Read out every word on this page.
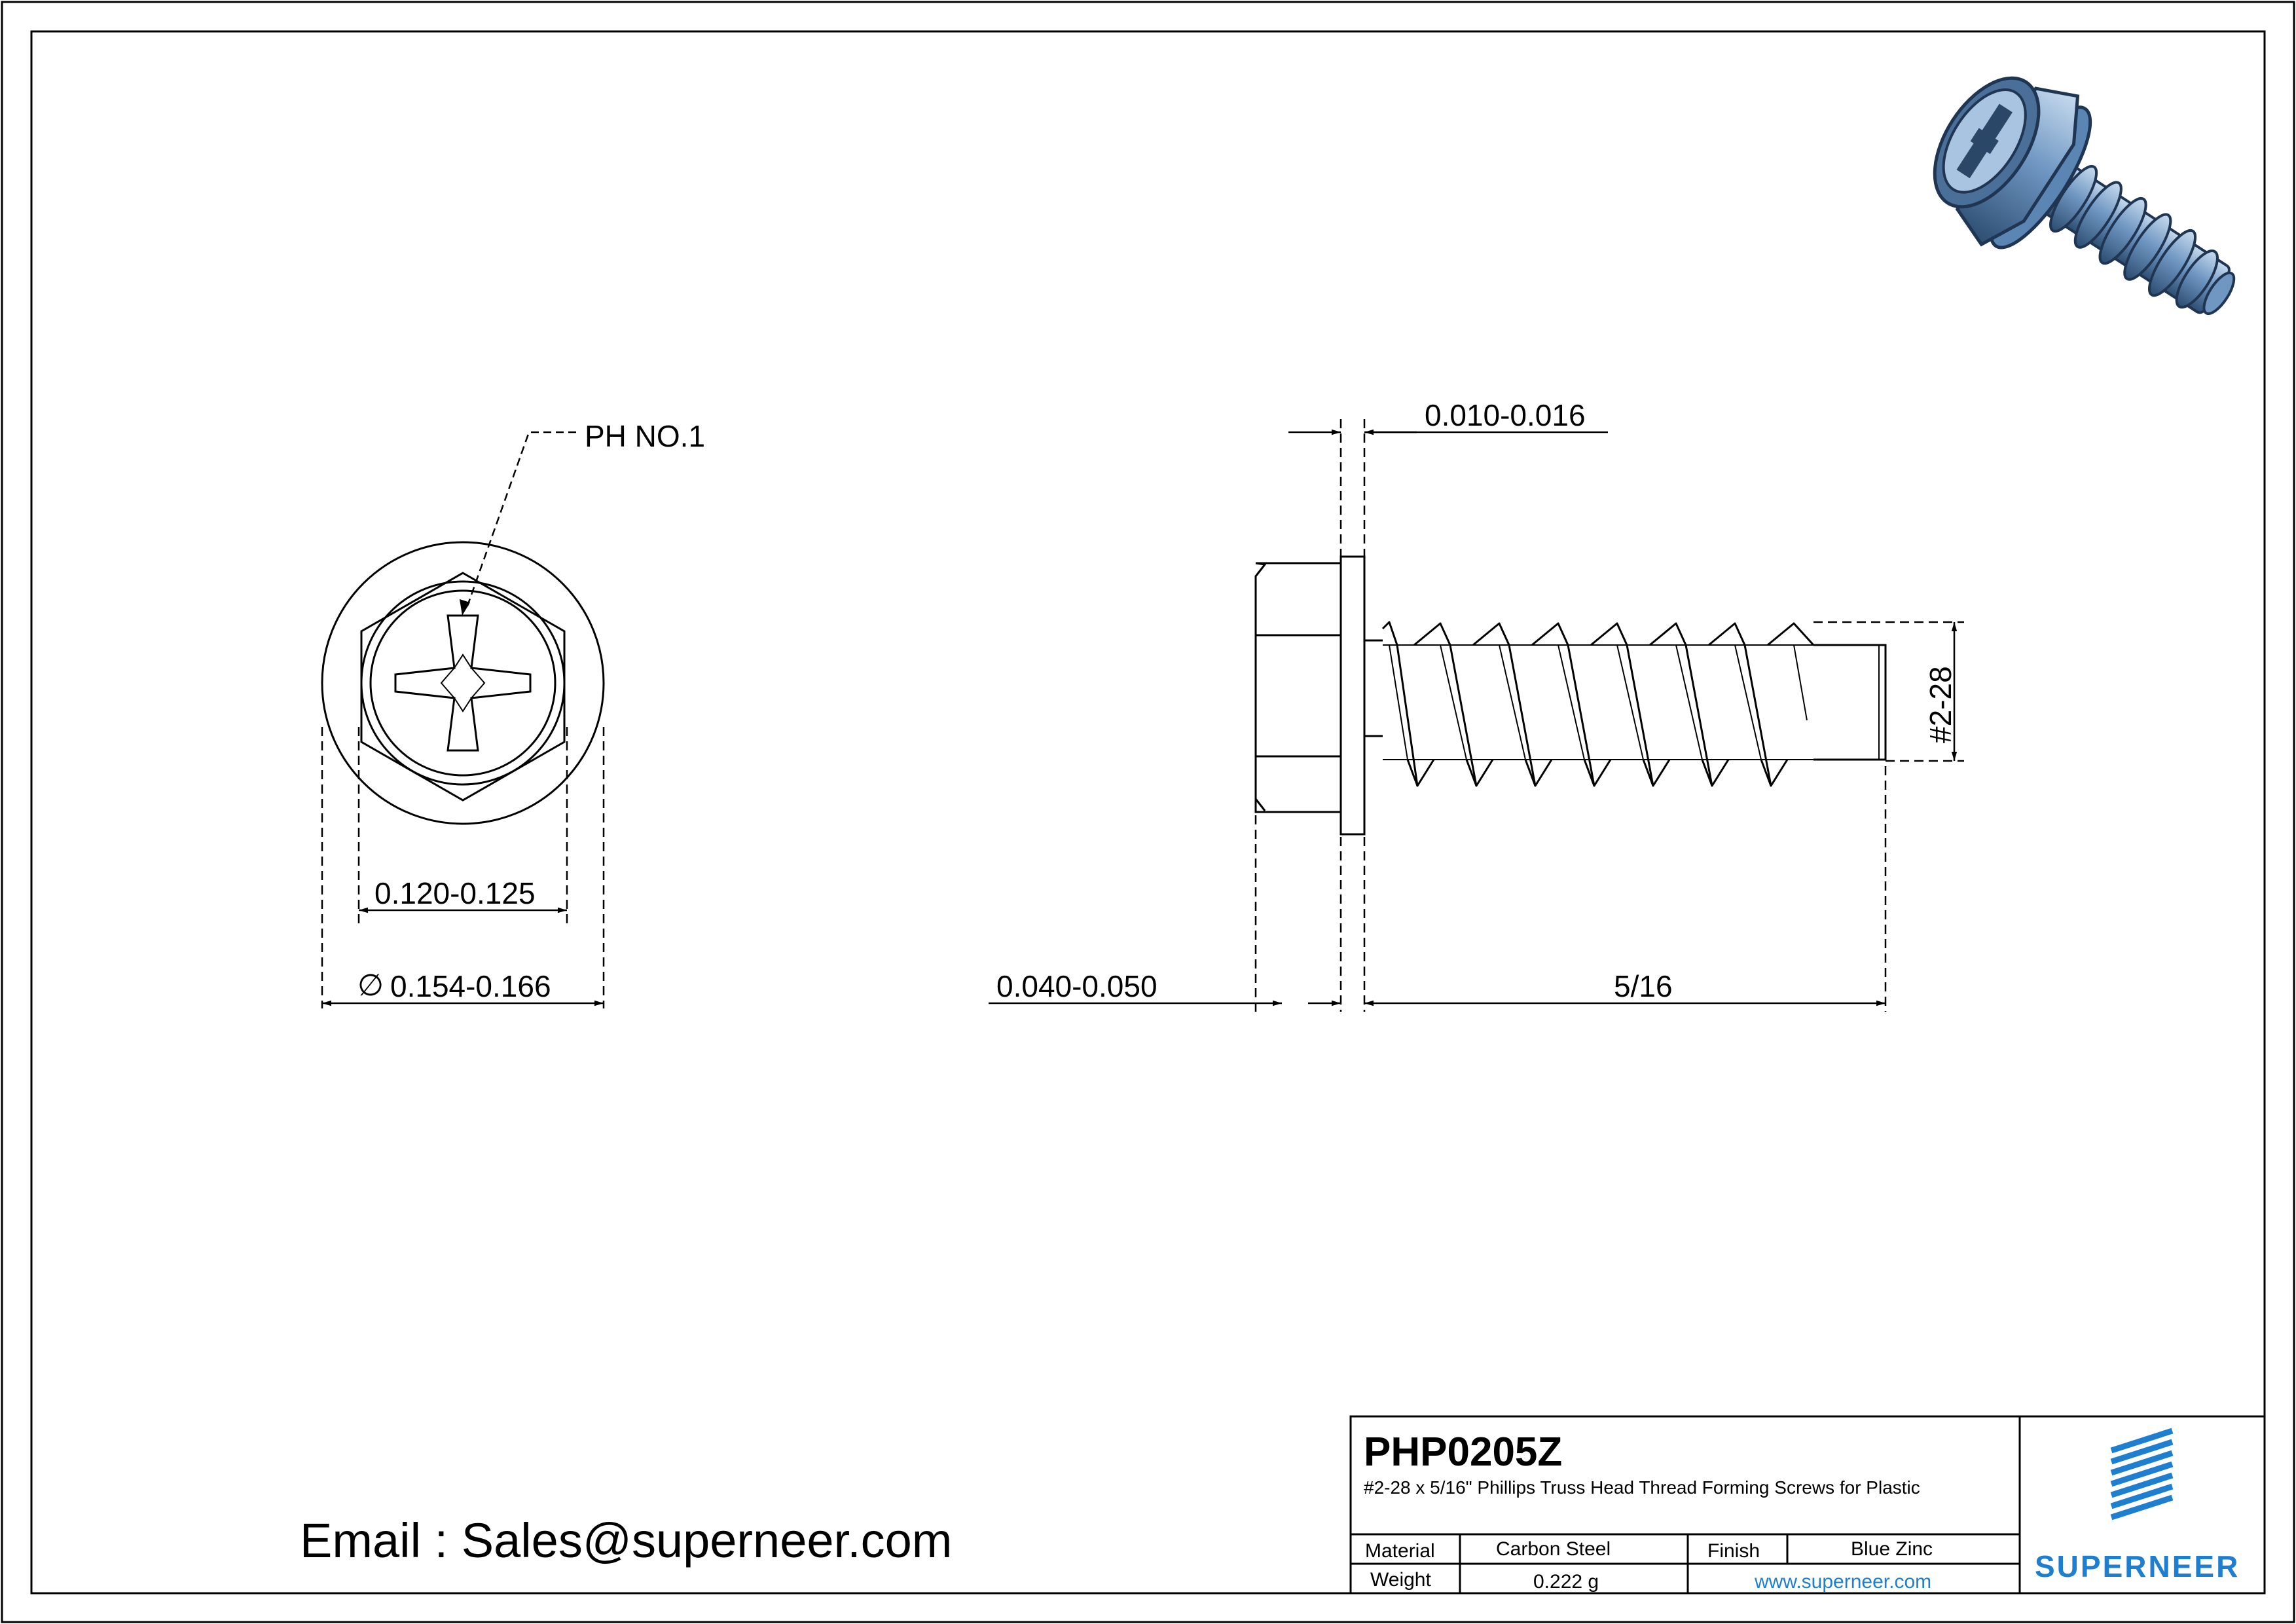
PH NO.1
0.120-0.125
∅ 0.154-0.166
0.010-0.016
0.040-0.050	5/16
#2-28
PHP0205Z
#2-28 x 5/16" Phillips Truss Head Thread Forming Screws for Plastic
Material	Carbon Steel	Finish	Blue Zinc
Weight	0.222 g	www.superneer.com	SUPERNEER
Email : Sales@superneer.com
